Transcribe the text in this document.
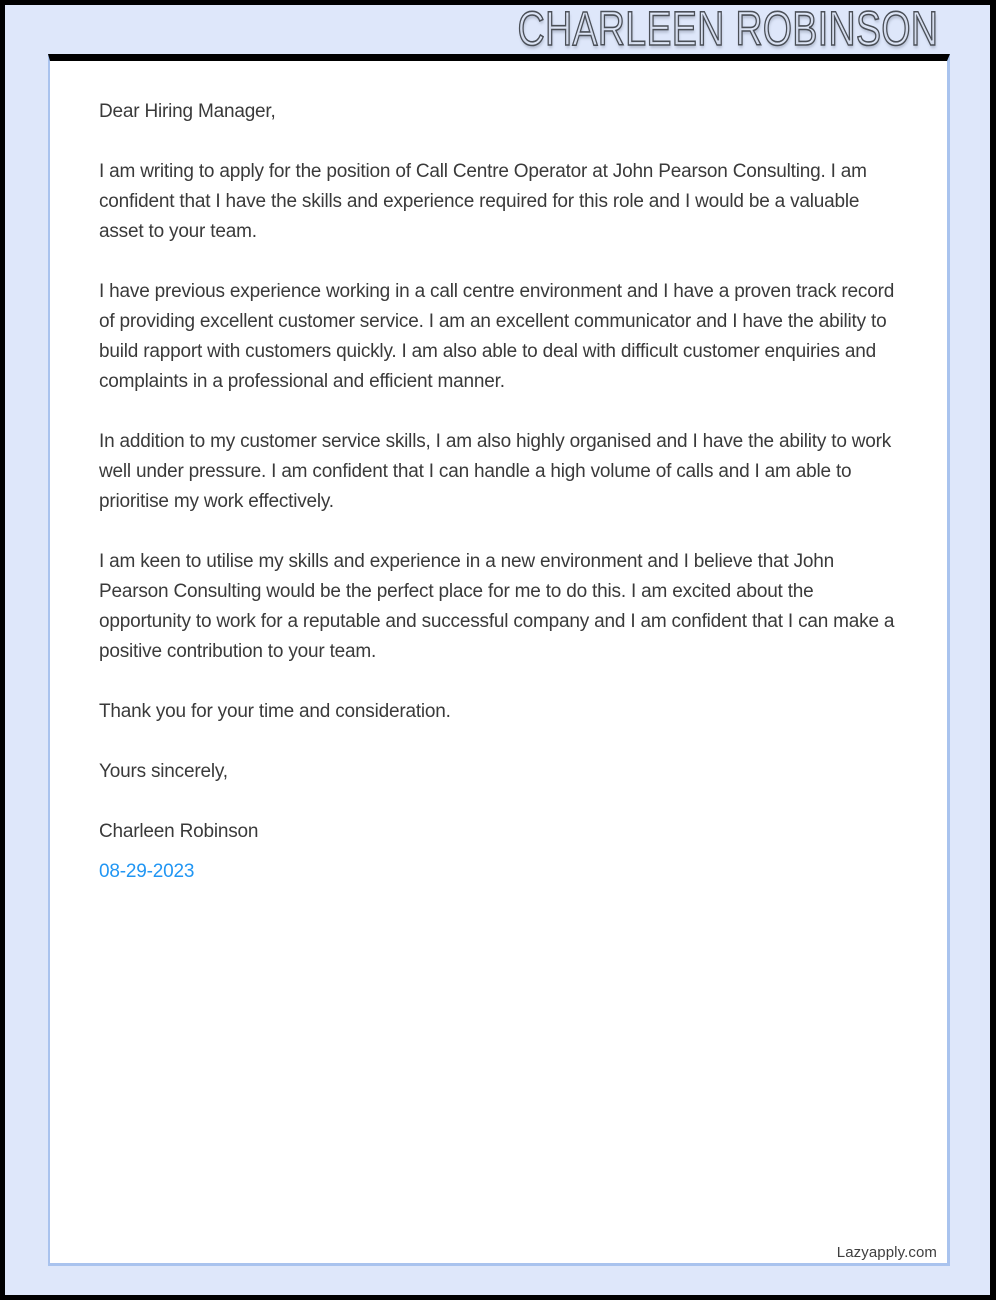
CHARLEEN ROBINSON

Dear Hiring Manager,

I am writing to apply for the position of Call Centre Operator at John Pearson Consulting. I am confident that I have the skills and experience required for this role and I would be a valuable asset to your team.

I have previous experience working in a call centre environment and I have a proven track record of providing excellent customer service. I am an excellent communicator and I have the ability to build rapport with customers quickly. I am also able to deal with difficult customer enquiries and complaints in a professional and efficient manner.

In addition to my customer service skills, I am also highly organised and I have the ability to work well under pressure. I am confident that I can handle a high volume of calls and I am able to prioritise my work effectively.

I am keen to utilise my skills and experience in a new environment and I believe that John Pearson Consulting would be the perfect place for me to do this. I am excited about the opportunity to work for a reputable and successful company and I am confident that I can make a positive contribution to your team.

Thank you for your time and consideration.

Yours sincerely,

Charleen Robinson

08-29-2023

Lazyapply.com
